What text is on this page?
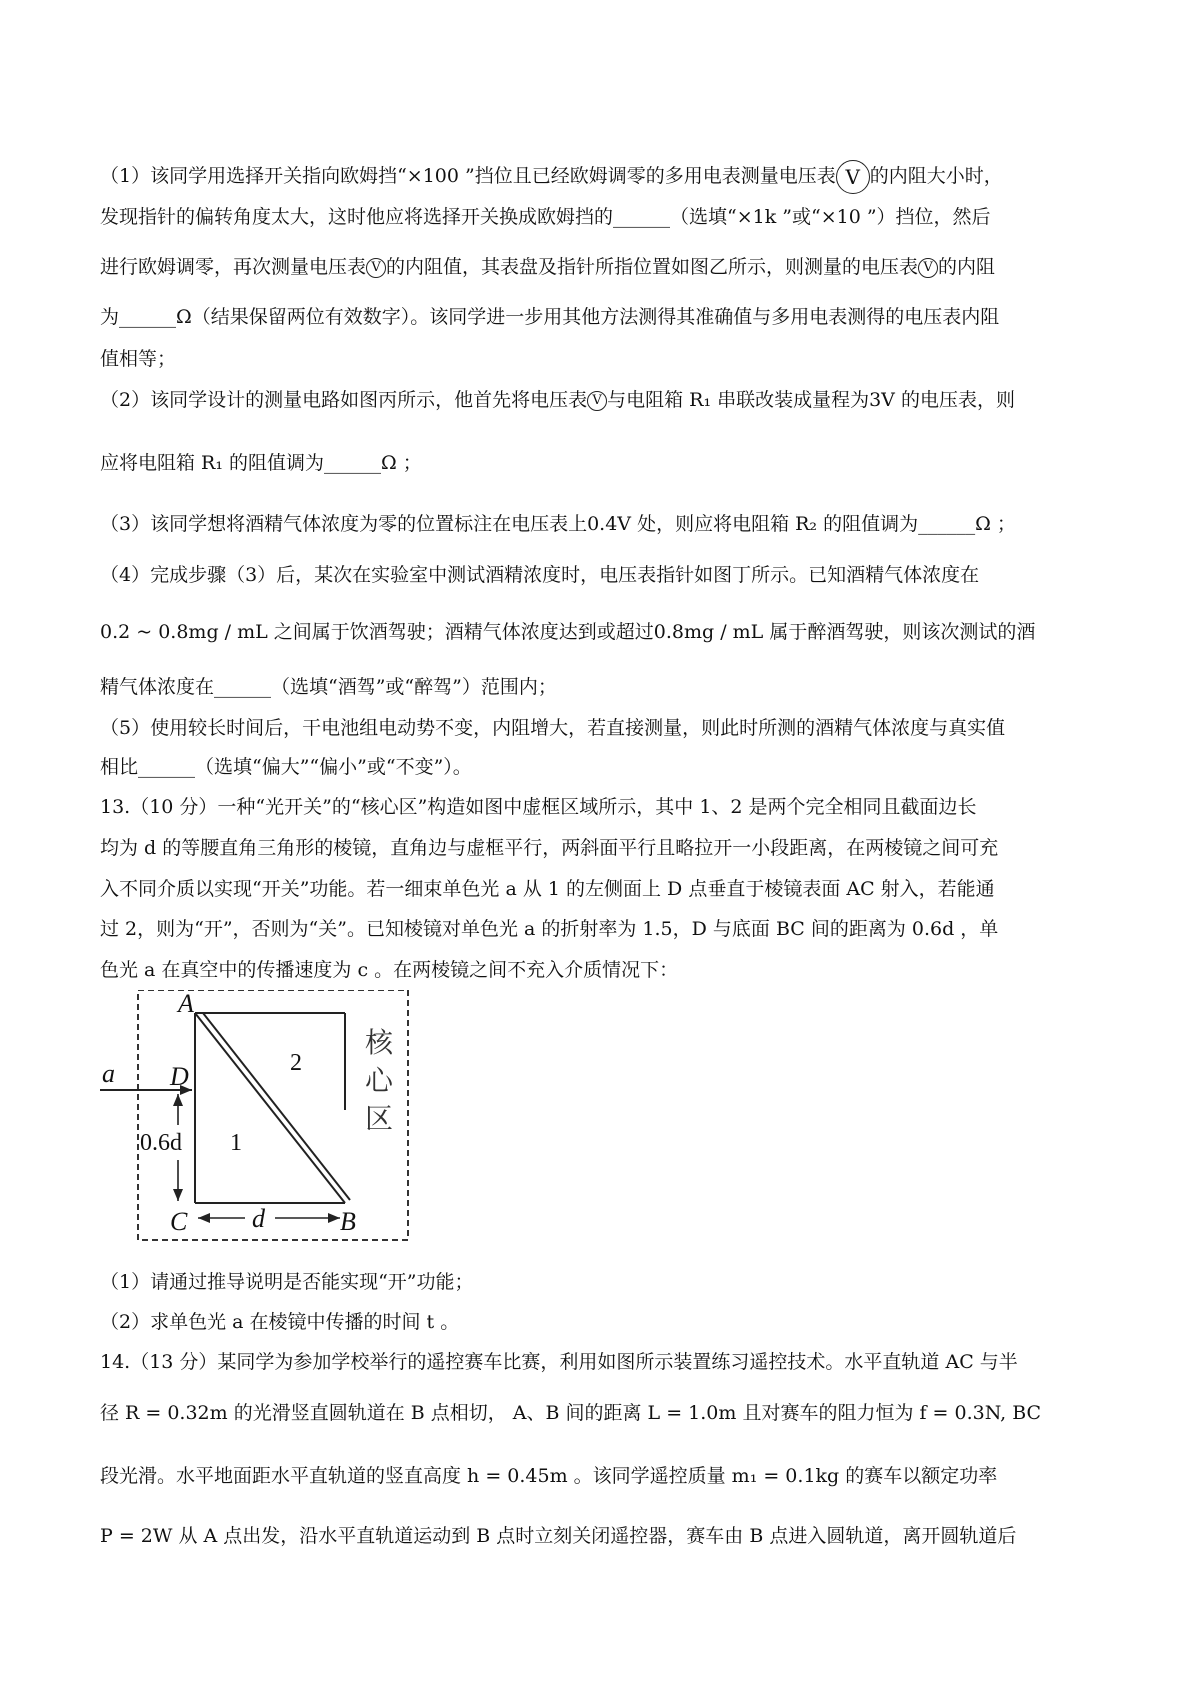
（1）该同学用选择开关指向欧姆挡“×100 ”挡位且已经欧姆调零的多用电表测量电压表 V 的内阻大小时，
发现指针的偏转角度太大，这时他应将选择开关换成欧姆挡的______（选填“×1k ”或“×10 ”）挡位，然后
进行欧姆调零，再次测量电压表 V 的内阻值，其表盘及指针所指位置如图乙所示，则测量的电压表 V 的内阻
为______Ω（结果保留两位有效数字）。该同学进一步用其他方法测得其准确值与多用电表测得的电压表内阻
值相等；
（2）该同学设计的测量电路如图丙所示，他首先将电压表 V 与电阻箱 R₁ 串联改装成量程为3V 的电压表，则
应将电阻箱 R₁ 的阻值调为______Ω ；
（3）该同学想将酒精气体浓度为零的位置标注在电压表上0.4V 处，则应将电阻箱 R₂ 的阻值调为______Ω ；
（4）完成步骤（3）后，某次在实验室中测试酒精浓度时，电压表指针如图丁所示。已知酒精气体浓度在
0.2 ~ 0.8mg / mL 之间属于饮酒驾驶；酒精气体浓度达到或超过0.8mg / mL 属于醉酒驾驶，则该次测试的酒
精气体浓度在______（选填“酒驾”或“醉驾”）范围内；
（5）使用较长时间后，干电池组电动势不变，内阻增大，若直接测量，则此时所测的酒精气体浓度与真实值
相比______（选填“偏大”“偏小”或“不变”）。
13.（10 分）一种“光开关”的“核心区”构造如图中虚框区域所示，其中 1、2 是两个完全相同且截面边长
均为 d 的等腰直角三角形的棱镜，直角边与虚框平行，两斜面平行且略拉开一小段距离，在两棱镜之间可充
入不同介质以实现“开关”功能。若一细束单色光 a 从 1 的左侧面上 D 点垂直于棱镜表面 AC 射入，若能通
过 2，则为“开”，否则为“关”。已知棱镜对单色光 a 的折射率为 1.5，D 与底面 BC 间的距离为 0.6d ，单
色光 a 在真空中的传播速度为 c 。在两棱镜之间不充入介质情况下：
（1）请通过推导说明是否能实现“开”功能；
（2）求单色光 a 在棱镜中传播的时间 t 。
14.（13 分）某同学为参加学校举行的遥控赛车比赛，利用如图所示装置练习遥控技术。水平直轨道 AC 与半
径 R = 0.32m 的光滑竖直圆轨道在 B 点相切， A、B 间的距离 L = 1.0m 且对赛车的阻力恒为 f = 0.3N, BC
段光滑。水平地面距水平直轨道的竖直高度 h = 0.45m 。该同学遥控质量 m₁ = 0.1kg 的赛车以额定功率
P = 2W 从 A 点出发，沿水平直轨道运动到 B 点时立刻关闭遥控器，赛车由 B 点进入圆轨道，离开圆轨道后
A
D
C	B
a
d
0.6d 1
2
核
心
区
